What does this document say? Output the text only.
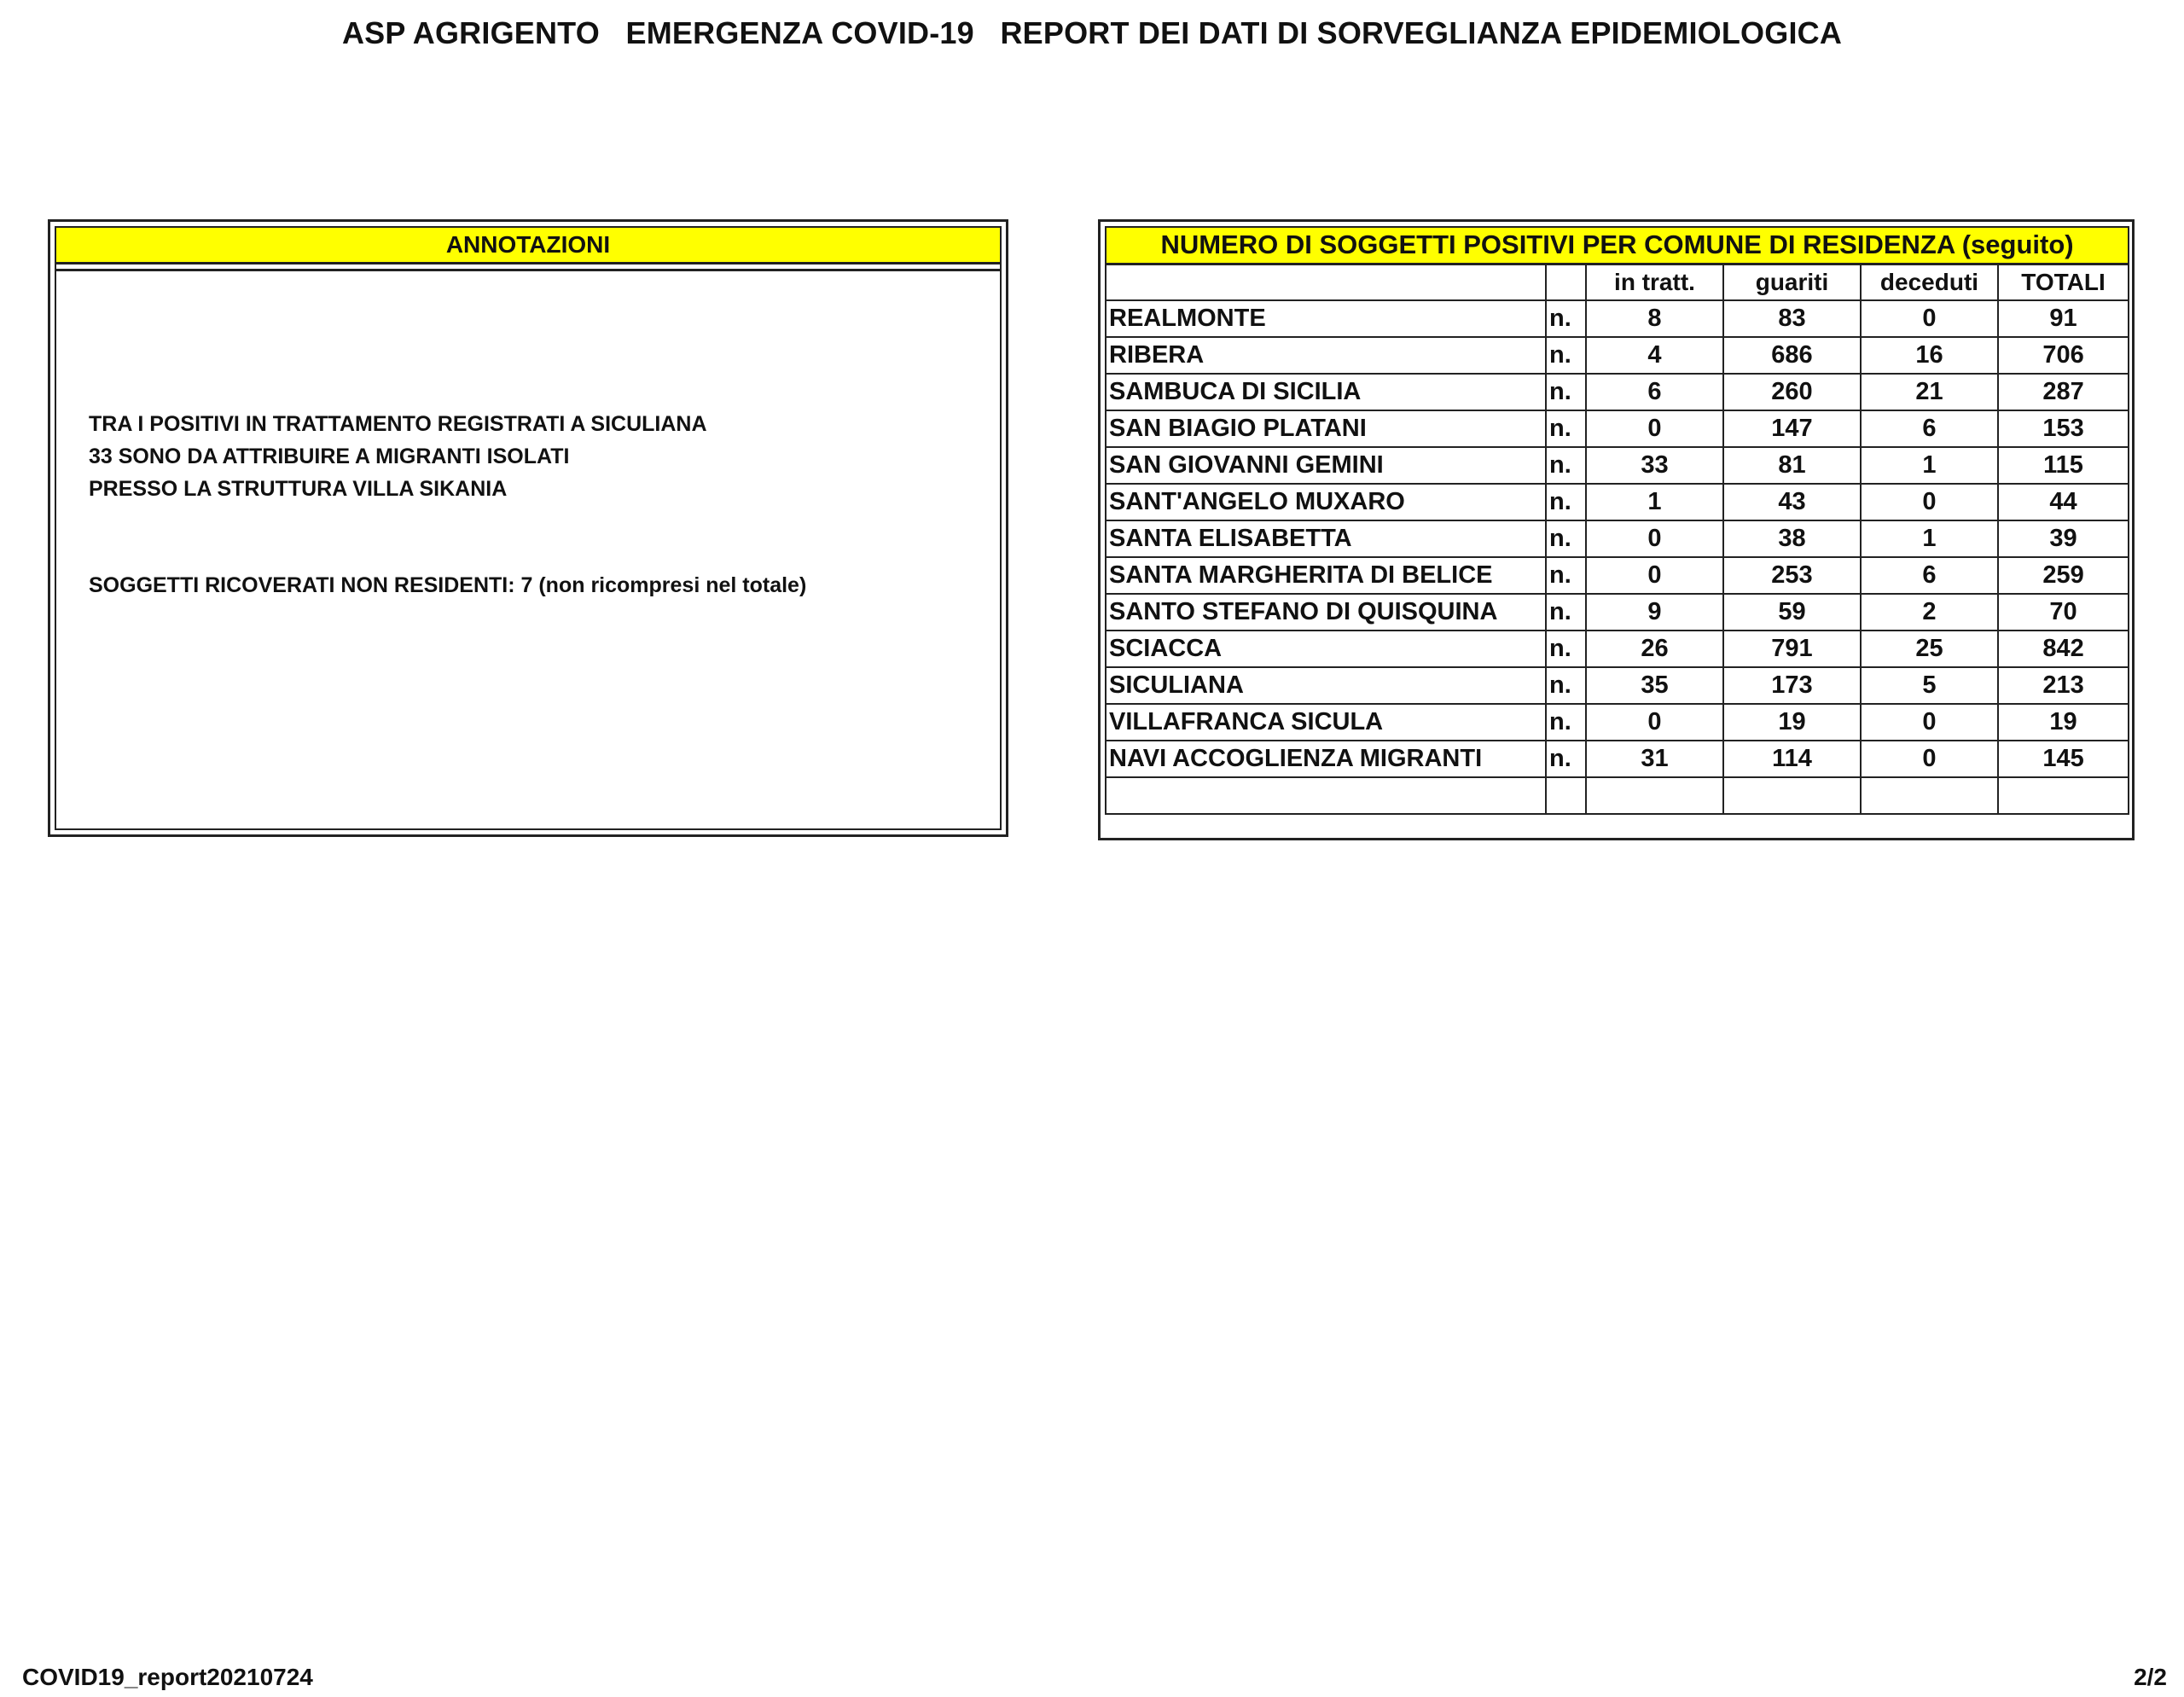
ASP AGRIGENTO   EMERGENZA COVID-19   REPORT DEI DATI DI SORVEGLIANZA EPIDEMIOLOGICA
ANNOTAZIONI
TRA I POSITIVI IN TRATTAMENTO REGISTRATI A SICULIANA
33 SONO DA ATTRIBUIRE A MIGRANTI ISOLATI
PRESSO LA STRUTTURA VILLA SIKANIA
SOGGETTI RICOVERATI NON RESIDENTI: 7 (non ricompresi nel totale)
NUMERO DI SOGGETTI POSITIVI PER COMUNE DI RESIDENZA (seguito)					
		in tratt.	guariti	deceduti	TOTALI
REALMONTE	n.	8	83	0	91
RIBERA	n.	4	686	16	706
SAMBUCA DI SICILIA	n.	6	260	21	287
SAN BIAGIO PLATANI	n.	0	147	6	153
SAN GIOVANNI GEMINI	n.	33	81	1	115
SANT'ANGELO MUXARO	n.	1	43	0	44
SANTA ELISABETTA	n.	0	38	1	39
SANTA MARGHERITA DI BELICE	n.	0	253	6	259
SANTO STEFANO DI QUISQUINA	n.	9	59	2	70
SCIACCA	n.	26	791	25	842
SICULIANA	n.	35	173	5	213
VILLAFRANCA SICULA	n.	0	19	0	19
NAVI ACCOGLIENZA MIGRANTI	n.	31	114	0	145

COVID19_report20210724	2/2
